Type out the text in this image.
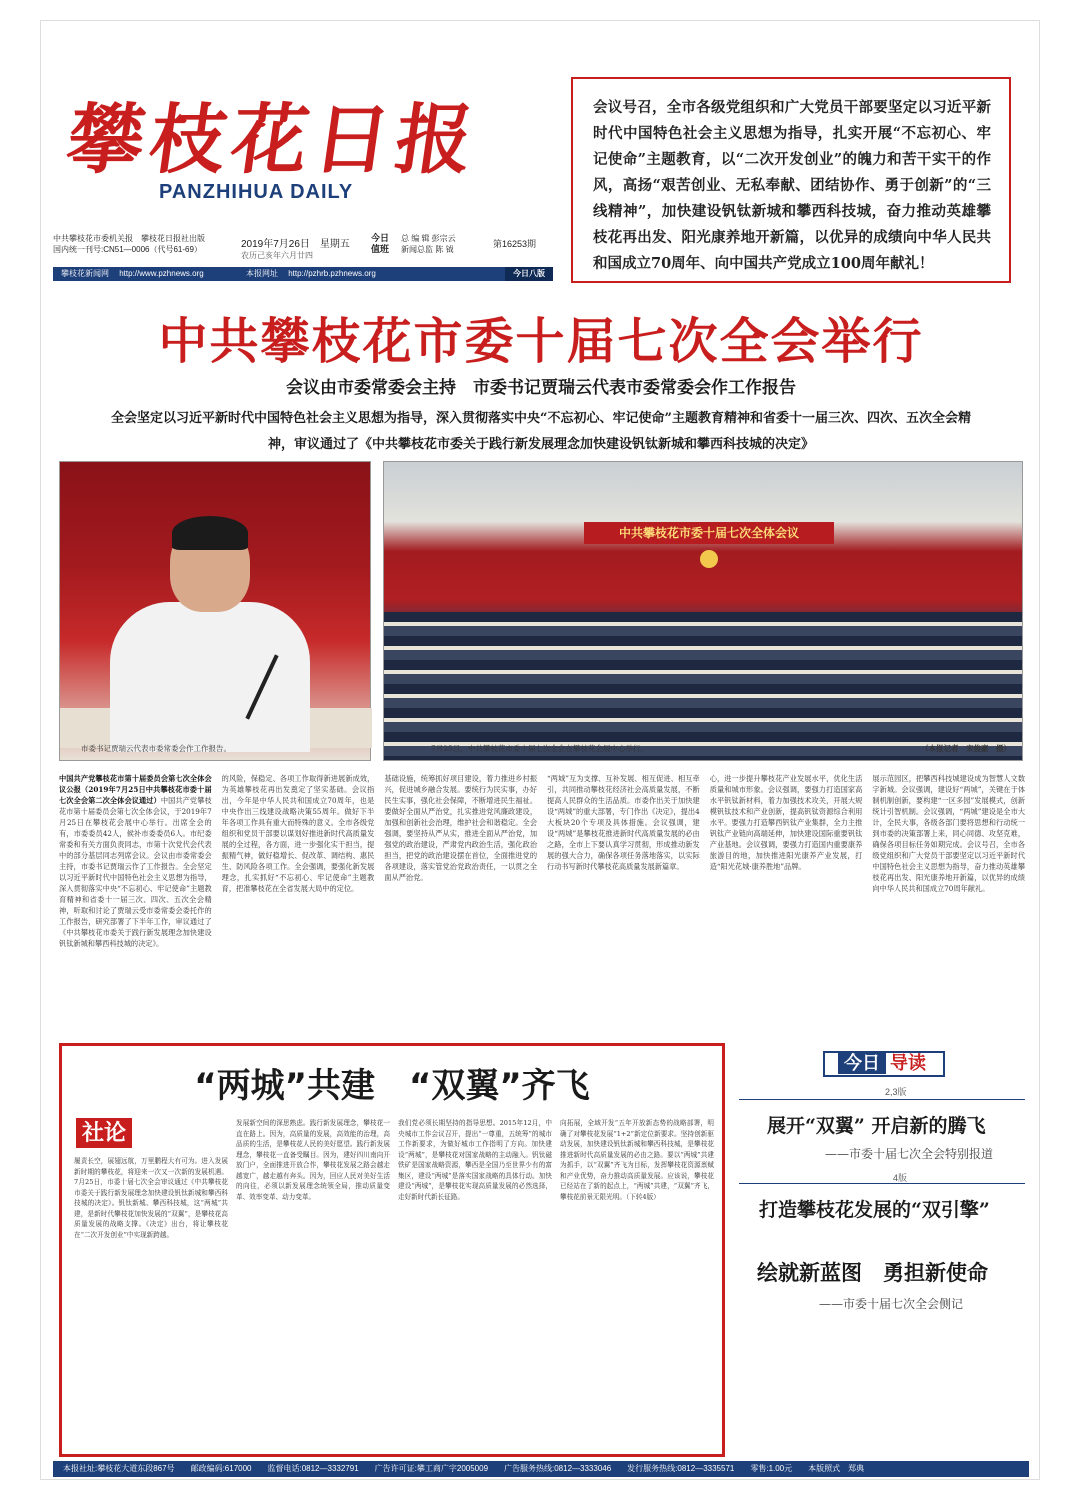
攀枝花日报
PANZHIHUA DAILY
中共攀枝花市委机关报　攀枝花日报社出版
国内统一刊号:CN51—0006（代号61-69）	2019年7月26日　星期五
农历己亥年六月廿四
今日值班
总 编 辑 彭宗云
新闻总监 陈 钺
第16253期
攀枝花新闻网 http://www.pzhnews.org	本报网址 http://pzhrb.pzhnews.org	今日八版
会议号召，全市各级党组织和广大党员干部要坚定以习近平新时代中国特色社会主义思想为指导，扎实开展“不忘初心、牢记使命”主题教育，以“二次开发创业”的魄力和苦干实干的作风，高扬“艰苦创业、无私奉献、团结协作、勇于创新”的“三线精神”，加快建设钒钛新城和攀西科技城，奋力推动英雄攀枝花再出发、阳光康养地开新篇，以优异的成绩向中华人民共和国成立70周年、向中国共产党成立100周年献礼！
中共攀枝花市委十届七次全会举行
会议由市委常委会主持　市委书记贾瑞云代表市委常委会作工作报告
全会坚定以习近平新时代中国特色社会主义思想为指导，深入贯彻落实中央“不忘初心、牢记使命”主题教育精神和省委十一届三次、四次、五次全会精神，审议通过了《中共攀枝花市委关于践行新发展理念加快建设钒钛新城和攀西科技城的决定》
市委书记贾瑞云代表市委常委会作工作报告。
中共攀枝花市委十届七次全体会议
7月25日，中共攀枝花市委十届七次全会在攀枝花会展中心举行。	（本报记者　宋俊豪　摄）
中国共产党攀枝花市第十届委员会第七次全体会议公报（2019年7月25日中共攀枝花市委十届七次全会第二次全体会议通过）中国共产党攀枝花市第十届委员会第七次全体会议，于2019年7月25日在攀枝花会展中心举行。出席全会的有，市委委员42人，候补市委委员6人。市纪委常委和有关方面负责同志，市第十次党代会代表中的部分基层同志列席会议。会议由市委常委会主持，市委书记贾瑞云作了工作报告。全会坚定以习近平新时代中国特色社会主义思想为指导，深入贯彻落实中央“不忘初心、牢记使命”主题教育精神和省委十一届三次、四次、五次全会精神，听取和讨论了贾瑞云受市委常委会委托作的工作报告，研究部署了下半年工作，审议通过了《中共攀枝花市委关于践行新发展理念加快建设钒钛新城和攀西科技城的决定》。
的风险，保稳定、各项工作取得新进展新成效，为英雄攀枝花再出发奠定了坚实基础。会议指出，今年是中华人民共和国成立70周年，也是中央作出三线建设战略决策55周年。做好下半年各项工作具有重大而特殊的意义。全市各级党组织和党员干部要以谋划好推进新时代高质量发展的全过程，各方面，进一步强化实干担当，提振精气神，做好稳增长、促改革、调结构、惠民生、防风险各项工作。全会强调，要强化新发展理念，扎实抓好“不忘初心、牢记使命”主题教育，把准攀枝花在全省发展大局中的定位。
基础设施，统筹抓好项目建设，着力推进乡村振兴，促进城乡融合发展。要统行为民实事，办好民生实事，强化社会保障，不断增进民生福祉。要做好全面从严治党，扎实推进党风廉政建设，加强和创新社会治理，维护社会和谐稳定。全会强调，要坚持从严从实，推进全面从严治党，加强党的政治建设，严肃党内政治生活，强化政治担当，把党的政治建设摆在首位，全面推进党的各项建设，落实管党治党政治责任，一以贯之全面从严治党。
“两城”互为支撑、互补发展、相互促进、相互牵引，共同推动攀枝花经济社会高质量发展，不断提高人民群众的生活品质。市委作出关于加快建设“两城”的重大部署，专门作出《决定》，提出4大板块20个专项及具体措施。会议强调，建设“两城”是攀枝花推进新时代高质量发展的必由之路，全市上下要认真学习贯彻，形成推动新发展的强大合力，确保各项任务落地落实，以实际行动书写新时代攀枝花高质量发展新篇章。
心，进一步提升攀枝花产业发展水平，优化生活质量和城市形象。会议强调，要强力打造国家高水平钒钛新材料，着力加强技术攻关，开展大规模钒钛技术和产业创新，提高钒钛资源综合利用水平。要强力打造攀西钒钛产业集群，全力主推钒钛产业链向高端延伸，加快建设国际重要钒钛产业基地。会议强调，要强力打造国内重要康养旅游目的地，加快推进阳光康养产业发展，打造“阳光花城·康养胜地”品牌。
展示范园区，把攀西科技城建设成为智慧人文数字新城。会议强调，建设好“两城”，关键在于体制机制创新，要构建“一区多园”发展模式，创新统计引智机制。会议强调，“两城”建设是全市大计，全民大事，各级各部门要将思想和行动统一到市委的决策部署上来，同心同德、攻坚克难，确保各项目标任务如期完成。会议号召，全市各级党组织和广大党员干部要坚定以习近平新时代中国特色社会主义思想为指导，奋力推动英雄攀枝花再出发、阳光康养地开新篇，以优异的成绩向中华人民共和国成立70周年献礼。
“两城”共建　“双翼”齐飞
履责长空，展翅远航，万里鹏程大有可为。进入发展新时期的攀枝花，将迎来一次又一次新的发展机遇。7月25日，市委十届七次全会审议通过《中共攀枝花市委关于践行新发展理念加快建设钒钛新城和攀西科技城的决定》。钒钛新城、攀西科技城，这“两城”共建，是新时代攀枝花加快发展的“双翼”，是攀枝花高质量发展的战略支撑。《决定》出台，将让攀枝花在“二次开发创业”中实现新跨越。
发展新空间的深思熟虑。践行新发展理念，攀枝花一直在路上。因为，高质量的发展，高效能的治理，高品质的生活，是攀枝花人民的美好愿望。践行新发展理念，攀枝花一直备受瞩目。因为，建好四川南向开放门户，全面推进开放合作，攀枝花发展之路会越走越宽广，越走越有奔头。因为，回应人民对美好生活的向往，必须以新发展理念统领全局，推动质量变革、效率变革、动力变革。
我们党必须长期坚持的指导思想。2015年12月，中央城市工作会议召开，提出“一尊重，五统筹”的城市工作新要求，为做好城市工作指明了方向。加快建设“两城”，是攀枝花对国家战略的主动融入。钒钛磁铁矿是国家战略资源，攀西是全国乃至世界少有的富集区，建设“两城”是落实国家战略的具体行动。加快建设“两城”，是攀枝花实现高质量发展的必然选择，走好新时代新长征路。
向拓展，全域开发“五年开放新态势的战略部署，明确了对攀枝花发展“1+2”新定位新要求。坚持创新驱动发展，加快建设钒钛新城和攀西科技城，是攀枝花推进新时代高质量发展的必由之路。要以“两城”共建为抓手，以“双翼”齐飞为目标，发挥攀枝花资源禀赋和产业优势，奋力推动高质量发展。应该说，攀枝花已经站在了新的起点上，“两城”共建，“双翼”齐飞，攀枝花前景无限光明。（下转4版）
社论
今日 导读
2,3版
展开“双翼” 开启新的腾飞
——市委十届七次全会特别报道
4版
打造攀枝花发展的“双引擎”
绘就新蓝图　勇担新使命
——市委十届七次全会侧记
本报社址:攀枝花大道东段867号　　邮政编码:617000　　监督电话:0812—3332791　　广告许可证:攀工商广字2005009　　广告服务热线:0812—3333046　　发行服务热线:0812—3335571　　零售:1.00元　　本版照式　郑典
